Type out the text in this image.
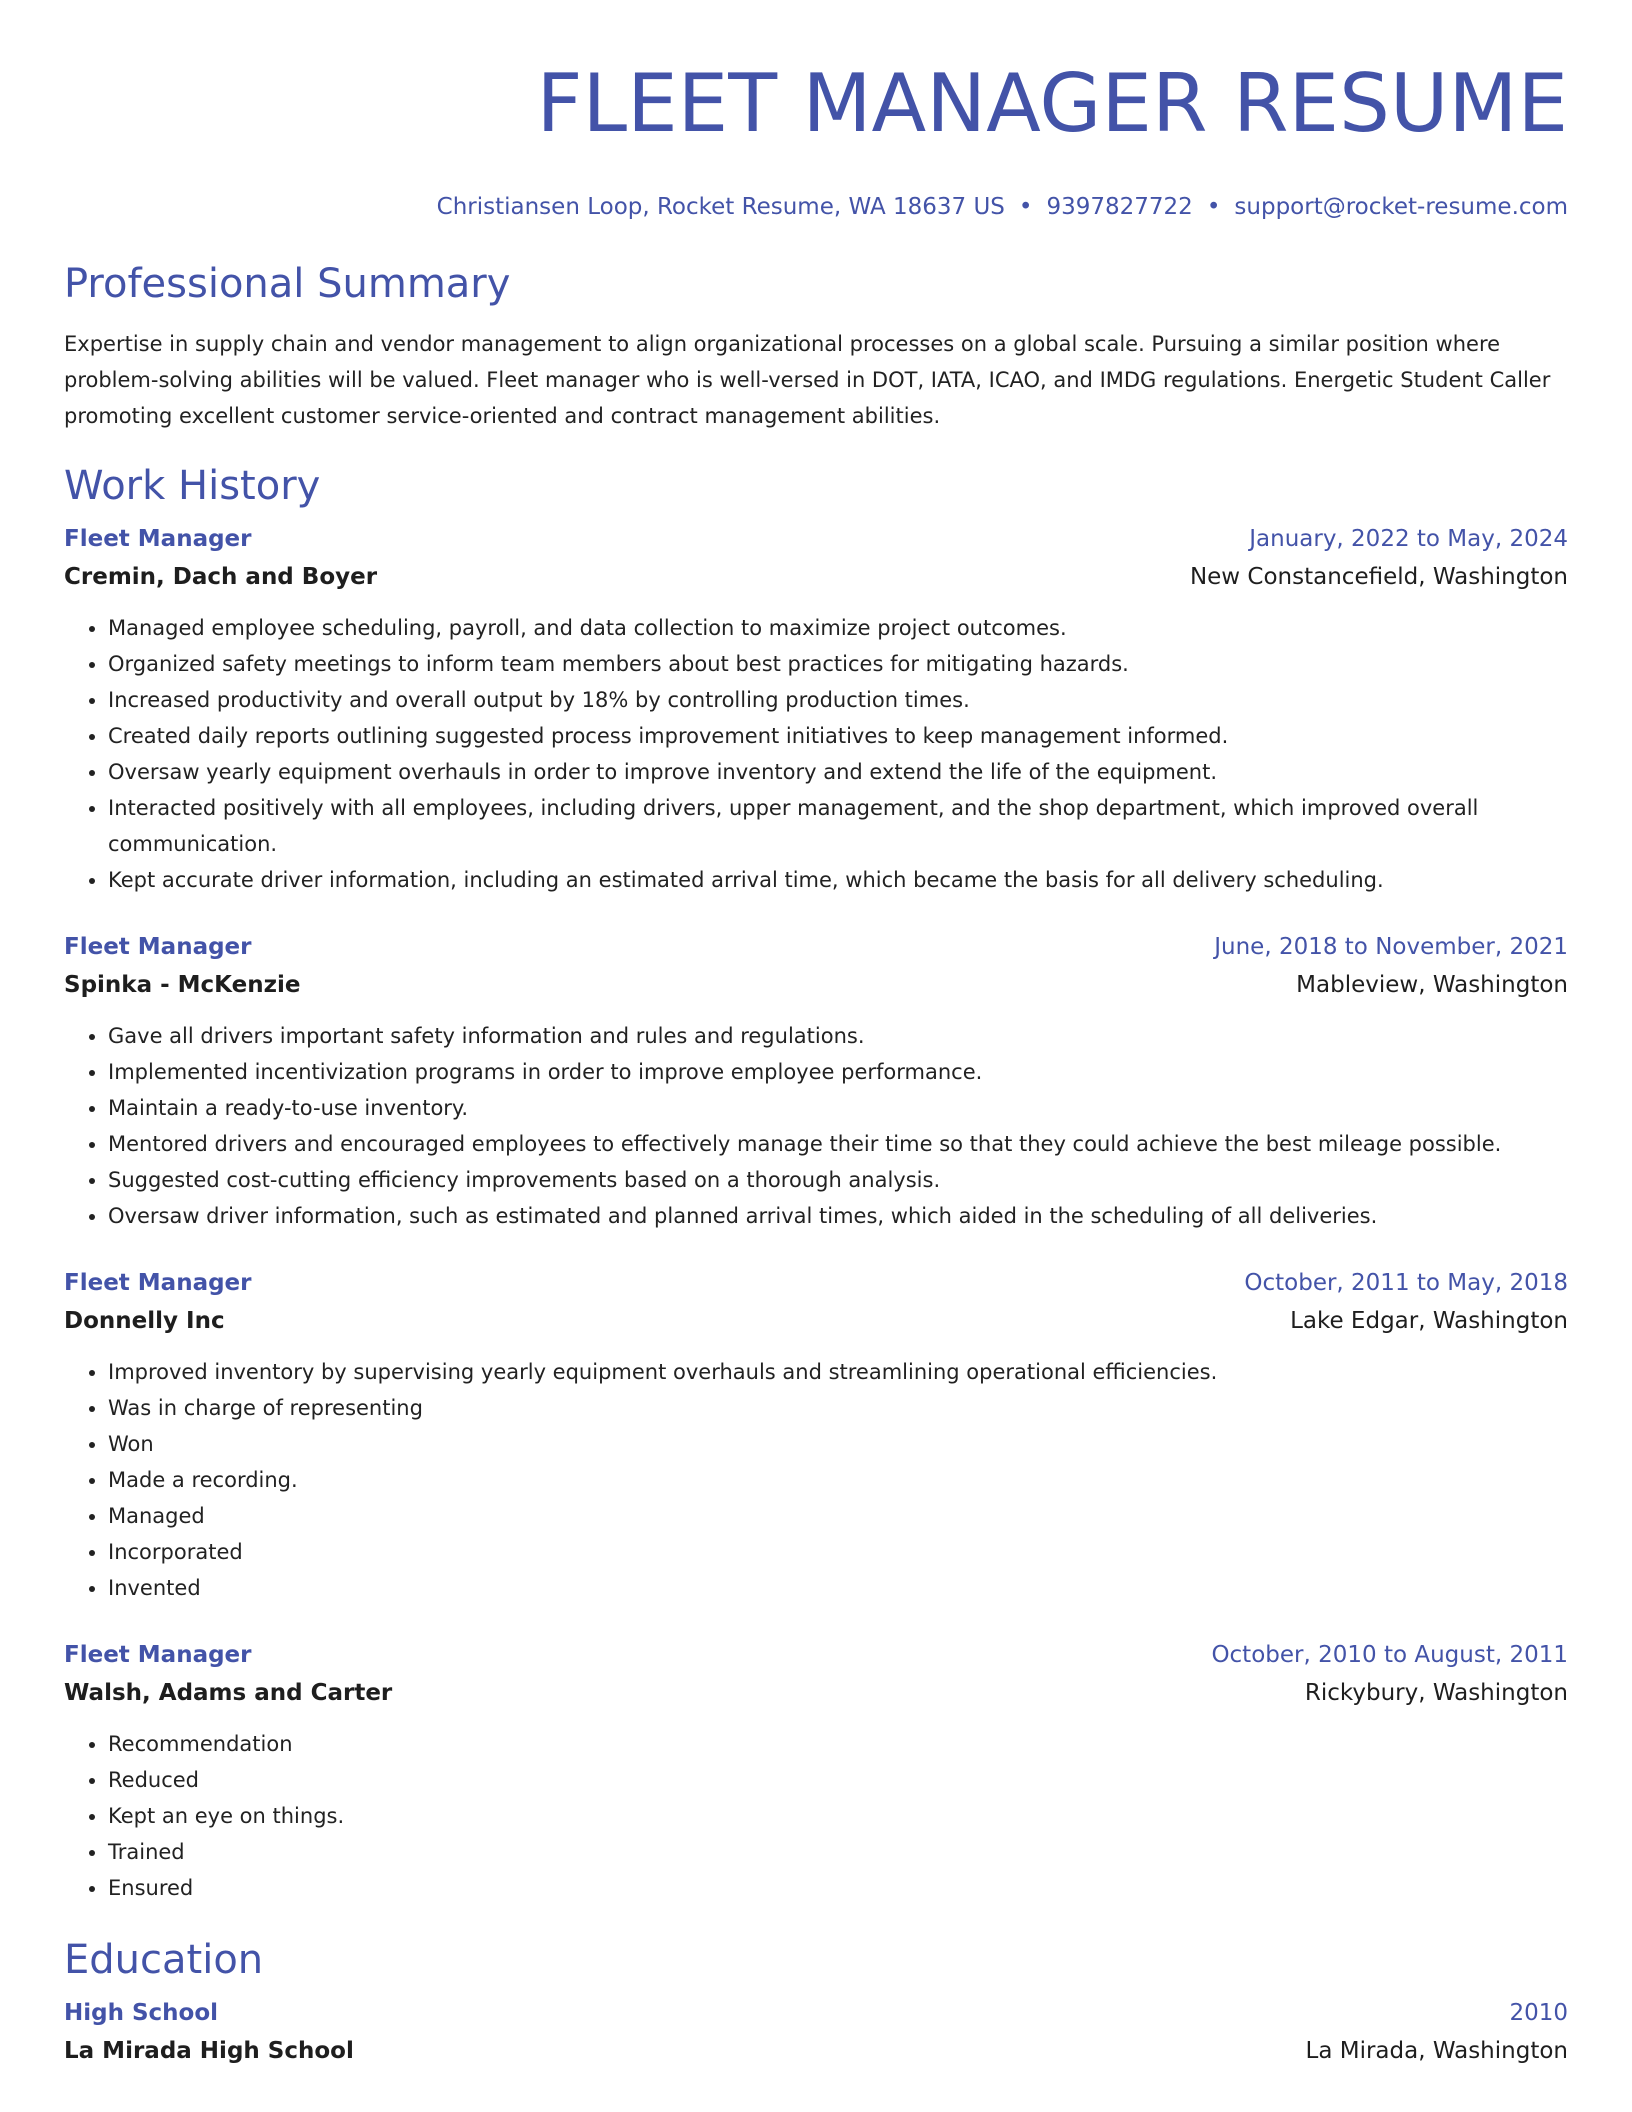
FLEET MANAGER RESUME
Christiansen Loop, Rocket Resume, WA 18637 US • 9397827722 • support@rocket-resume.com
Professional Summary
Expertise in supply chain and vendor management to align organizational processes on a global scale. Pursuing a similar position where problem-solving abilities will be valued. Fleet manager who is well-versed in DOT, IATA, ICAO, and IMDG regulations. Energetic Student Caller promoting excellent customer service-oriented and contract management abilities.
Work History
Fleet Manager	January, 2022 to May, 2024
Cremin, Dach and Boyer	New Constancefield, Washington
• Managed employee scheduling, payroll, and data collection to maximize project outcomes.
• Organized safety meetings to inform team members about best practices for mitigating hazards.
• Increased productivity and overall output by 18% by controlling production times.
• Created daily reports outlining suggested process improvement initiatives to keep management informed.
• Oversaw yearly equipment overhauls in order to improve inventory and extend the life of the equipment.
• Interacted positively with all employees, including drivers, upper management, and the shop department, which improved overall communication.
• Kept accurate driver information, including an estimated arrival time, which became the basis for all delivery scheduling.
Fleet Manager	June, 2018 to November, 2021
Spinka - McKenzie	Mableview, Washington
• Gave all drivers important safety information and rules and regulations.
• Implemented incentivization programs in order to improve employee performance.
• Maintain a ready-to-use inventory.
• Mentored drivers and encouraged employees to effectively manage their time so that they could achieve the best mileage possible.
• Suggested cost-cutting efficiency improvements based on a thorough analysis.
• Oversaw driver information, such as estimated and planned arrival times, which aided in the scheduling of all deliveries.
Fleet Manager	October, 2011 to May, 2018
Donnelly Inc	Lake Edgar, Washington
• Improved inventory by supervising yearly equipment overhauls and streamlining operational efficiencies.
• Was in charge of representing
• Won
• Made a recording.
• Managed
• Incorporated
• Invented
Fleet Manager	October, 2010 to August, 2011
Walsh, Adams and Carter	Rickybury, Washington
• Recommendation
• Reduced
• Kept an eye on things.
• Trained
• Ensured
Education
High School	2010
La Mirada High School	La Mirada, Washington
